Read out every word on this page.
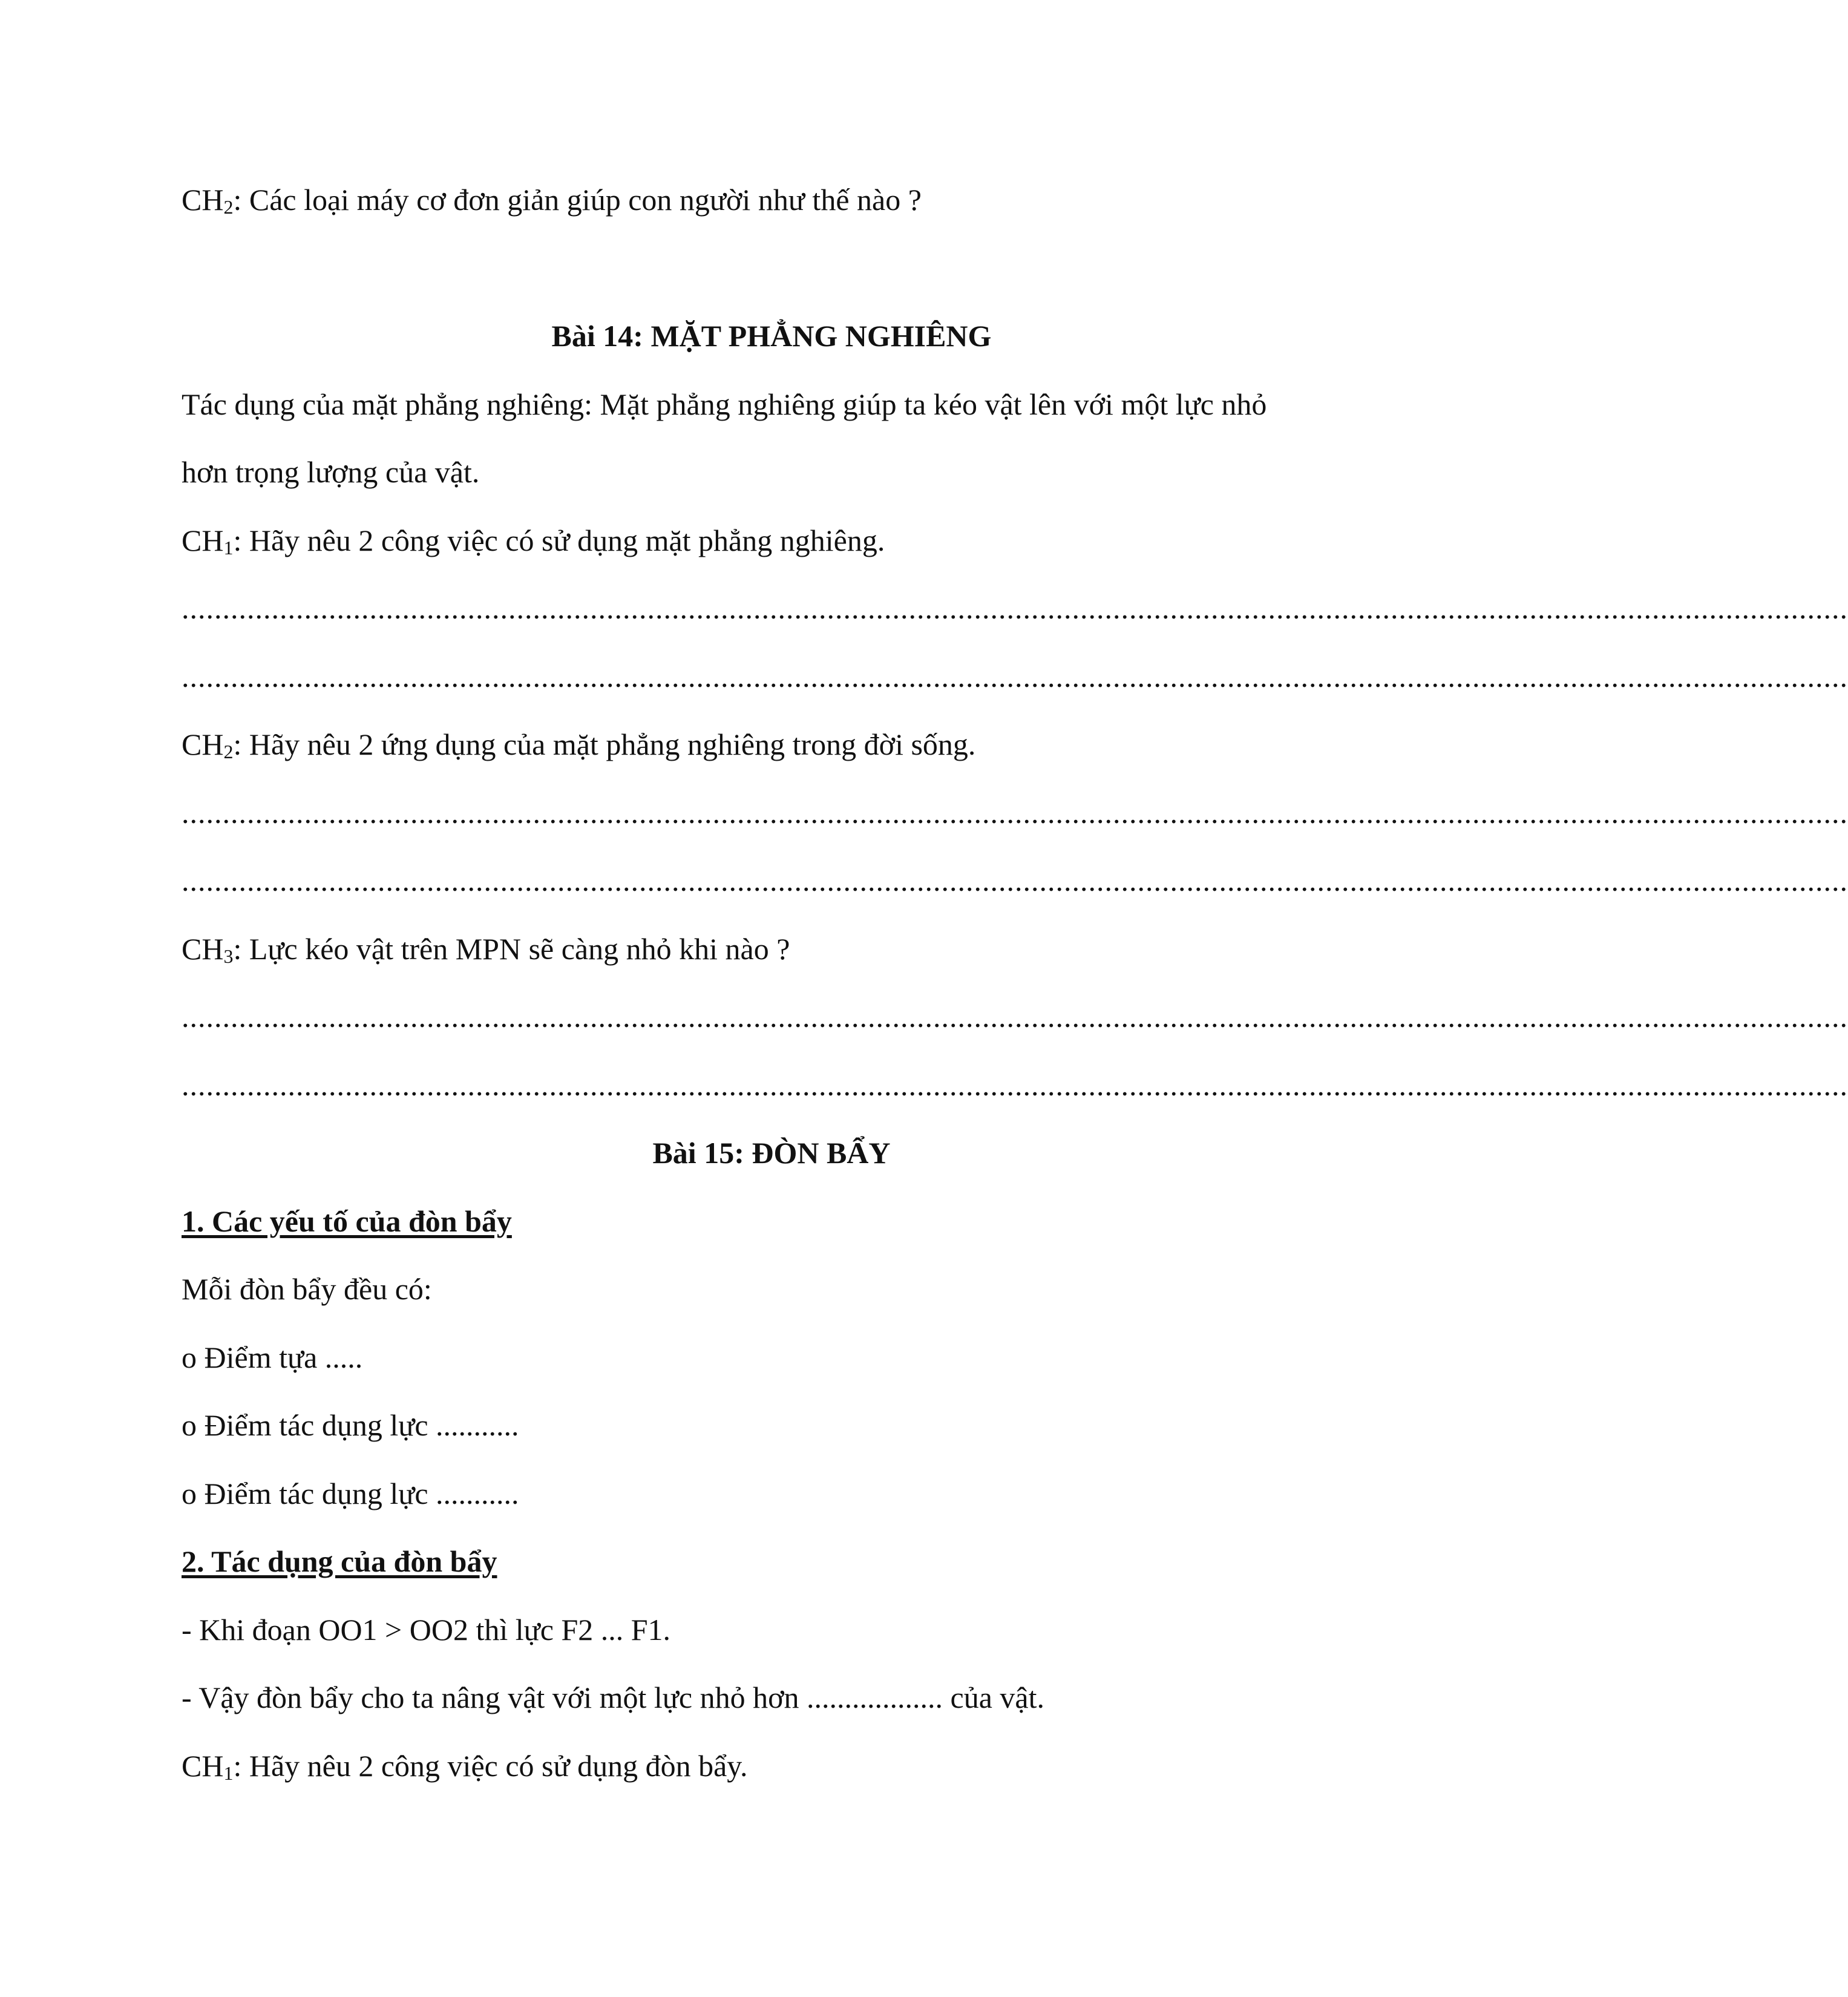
$CH_2$: Các loại máy cơ đơn giản giúp con người như thế nào ?
Bài 14: MẶT PHẲNG NGHIÊNG
Tác dụng của mặt phẳng nghiêng: Mặt phẳng nghiêng giúp ta kéo vật lên với một lực nhỏ
hơn trọng lượng của vật.
$CH_1$: Hãy nêu 2 công việc có sử dụng mặt phẳng nghiêng.
............................................................................................................................................................................................................
............................................................................................................................................................................................................
$CH_2$: Hãy nêu 2 ứng dụng của mặt phẳng nghiêng trong đời sống.
............................................................................................................................................................................................................
............................................................................................................................................................................................................
$CH_3$: Lực kéo vật trên MPN sẽ càng nhỏ khi nào ?
............................................................................................................................................................................................................
............................................................................................................................................................................................................
Bài 15: ĐÒN BẨY
1. Các yếu tố của đòn bẩy
Mỗi đòn bẩy đều có:
o Điểm tựa .....
o Điểm tác dụng lực ...........
o Điểm tác dụng lực ...........
2. Tác dụng của đòn bẩy
- Khi đoạn OO1 > OO2 thì lực F2 ... F1.
- Vậy đòn bẩy cho ta nâng vật với một lực nhỏ hơn .................. của vật.
$CH_1$: Hãy nêu 2 công việc có sử dụng đòn bẩy.
